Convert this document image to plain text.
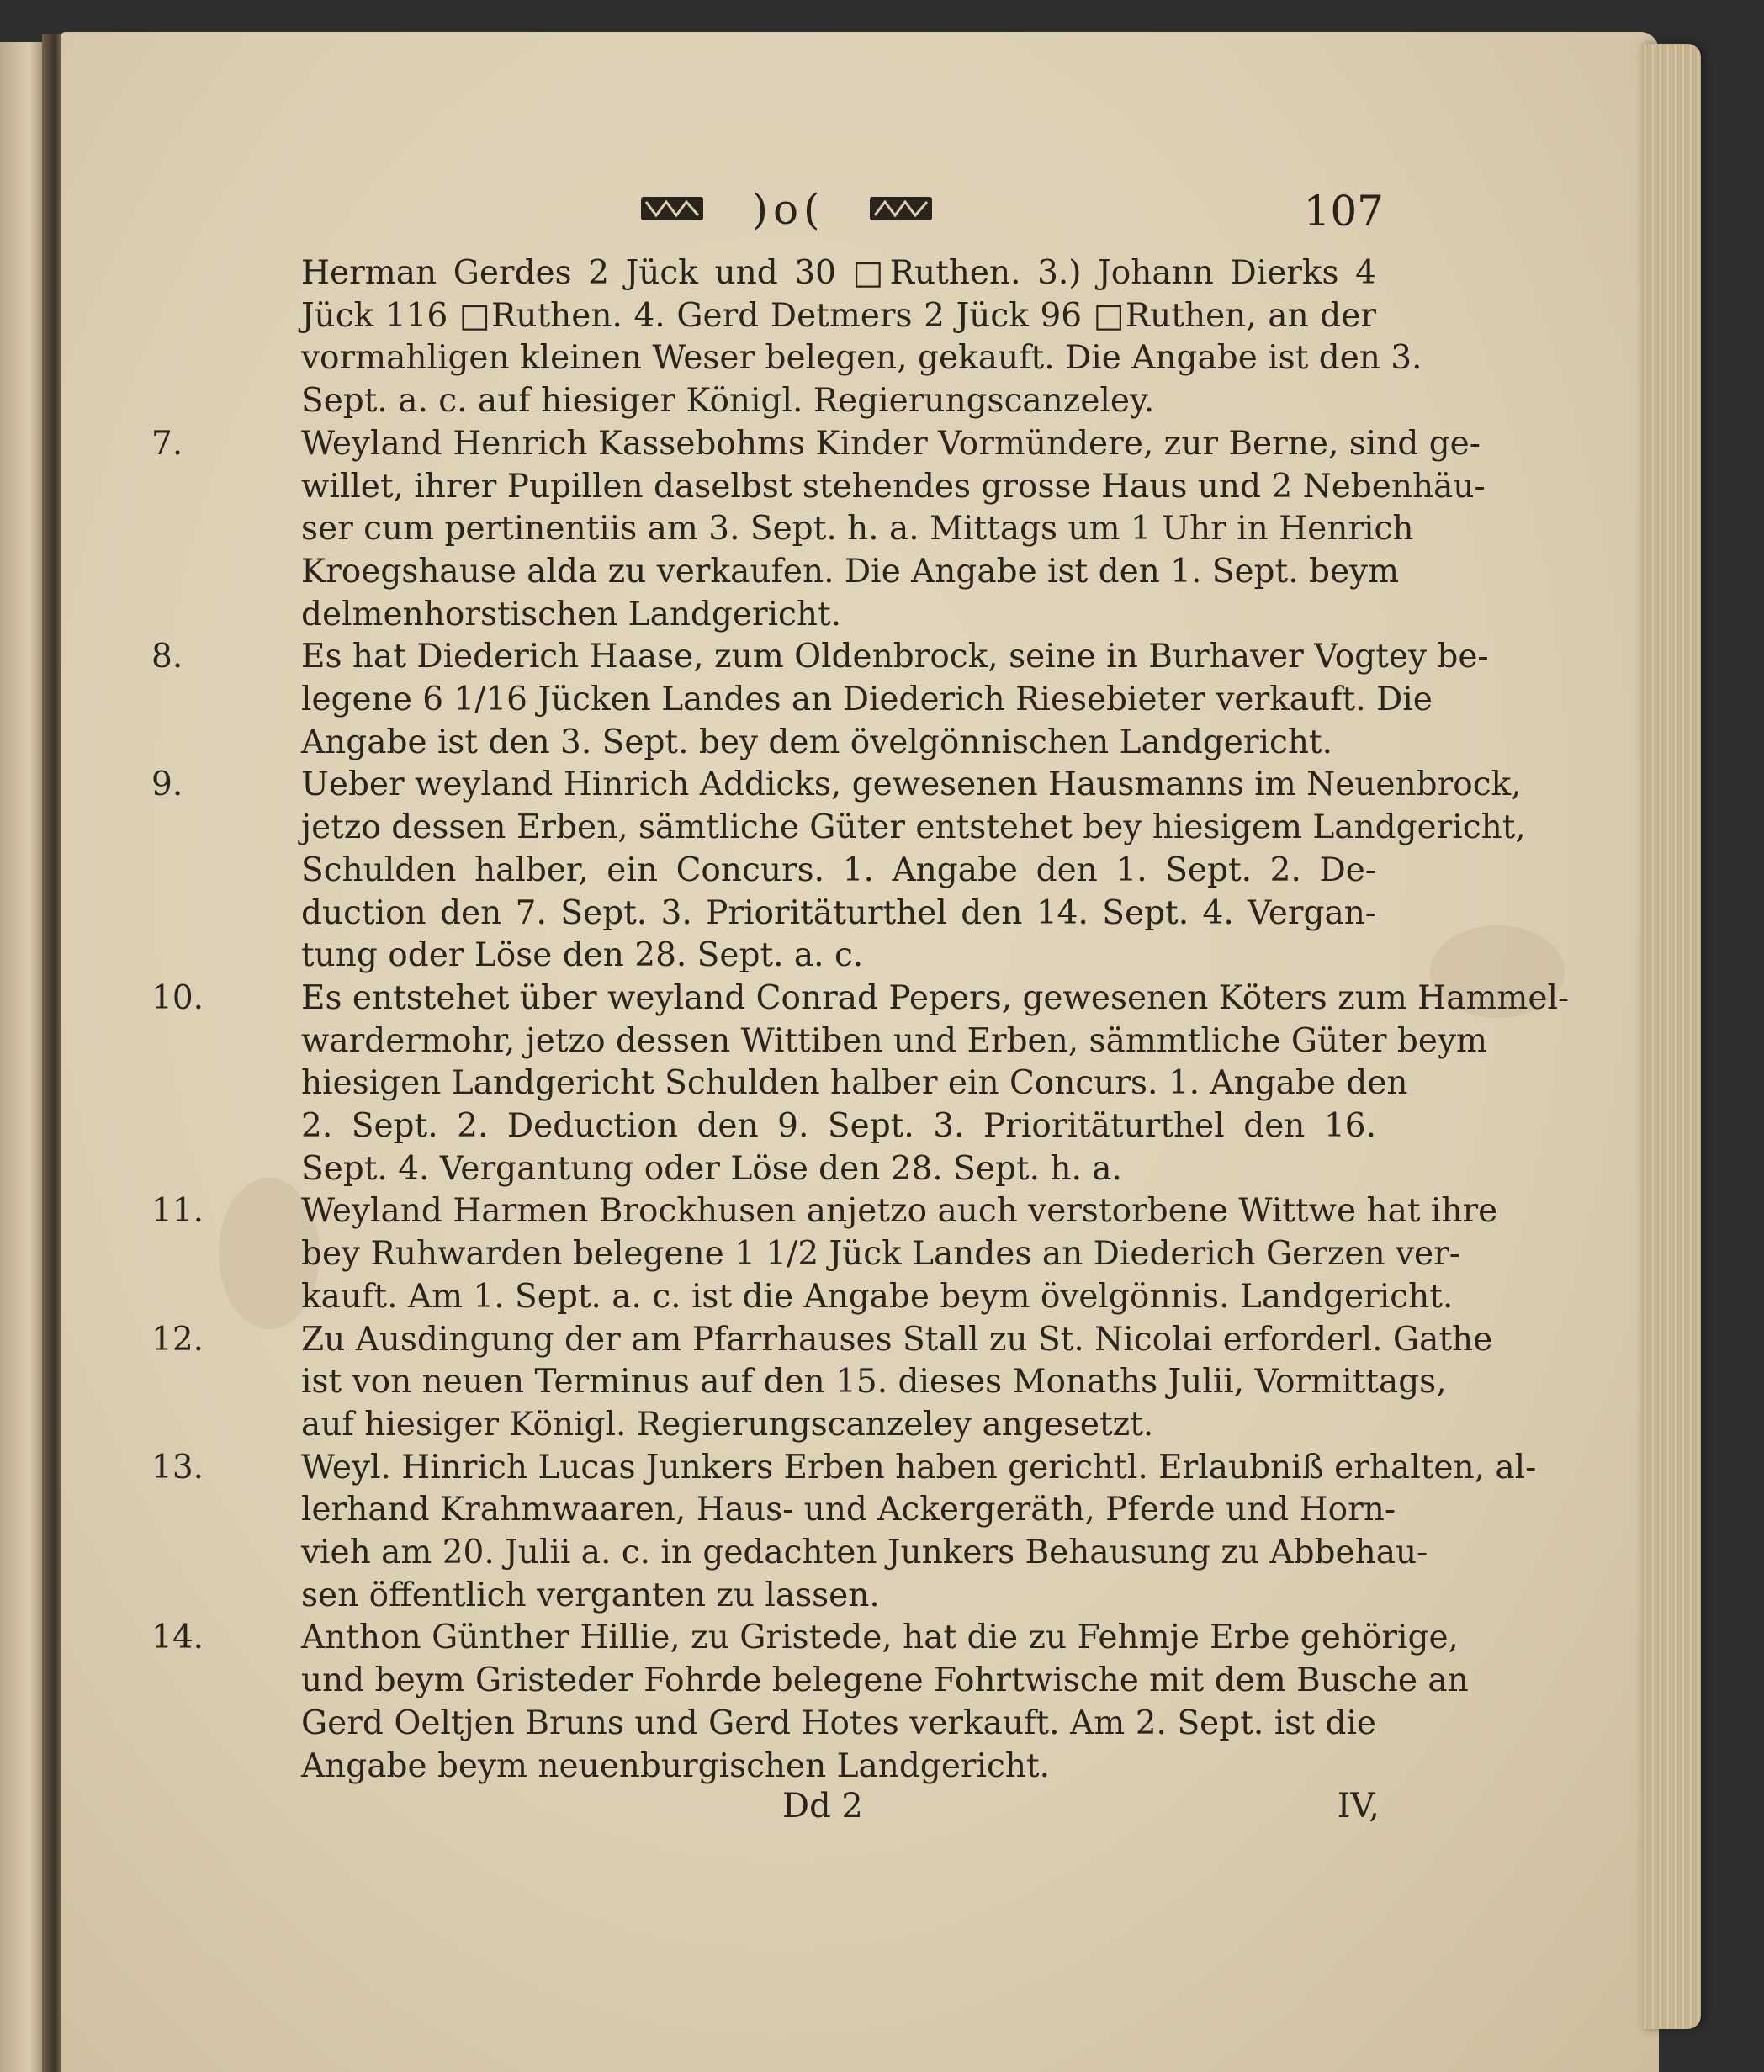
)o(	107
Herman Gerdes 2 Jück und 30 □Ruthen. 3.) Johann Dierks 4
Jück 116 □Ruthen. 4. Gerd Detmers 2 Jück 96 □Ruthen, an der
vormahligen kleinen Weser belegen, gekauft. Die Angabe ist den 3.
Sept. a. c. auf hiesiger Königl. Regierungscanzeley.
7.	Weyland Henrich Kassebohms Kinder Vormündere, zur Berne, sind ge-
willet, ihrer Pupillen daselbst stehendes grosse Haus und 2 Nebenhäu-
ser cum pertinentiis am 3. Sept. h. a. Mittags um 1 Uhr in Henrich
Kroegshause alda zu verkaufen. Die Angabe ist den 1. Sept. beym
delmenhorstischen Landgericht.
8.	Es hat Diederich Haase, zum Oldenbrock, seine in Burhaver Vogtey be-
legene 6 1/16 Jücken Landes an Diederich Riesebieter verkauft. Die
Angabe ist den 3. Sept. bey dem övelgönnischen Landgericht.
9.	Ueber weyland Hinrich Addicks, gewesenen Hausmanns im Neuenbrock,
jetzo dessen Erben, sämtliche Güter entstehet bey hiesigem Landgericht,
Schulden halber, ein Concurs. 1. Angabe den 1. Sept. 2. De-
duction den 7. Sept. 3. Prioritäturthel den 14. Sept. 4. Vergan-
tung oder Löse den 28. Sept. a. c.
10.	Es entstehet über weyland Conrad Pepers, gewesenen Köters zum Hammel-
wardermohr, jetzo dessen Wittiben und Erben, sämmtliche Güter beym
hiesigen Landgericht Schulden halber ein Concurs. 1. Angabe den
2. Sept. 2. Deduction den 9. Sept. 3. Prioritäturthel den 16.
Sept. 4. Vergantung oder Löse den 28. Sept. h. a.
11.	Weyland Harmen Brockhusen anjetzo auch verstorbene Wittwe hat ihre
bey Ruhwarden belegene 1 1/2 Jück Landes an Diederich Gerzen ver-
kauft. Am 1. Sept. a. c. ist die Angabe beym övelgönnis. Landgericht.
12.	Zu Ausdingung der am Pfarrhauses Stall zu St. Nicolai erforderl. Gathe
ist von neuen Terminus auf den 15. dieses Monaths Julii, Vormittags,
auf hiesiger Königl. Regierungscanzeley angesetzt.
13.	Weyl. Hinrich Lucas Junkers Erben haben gerichtl. Erlaubniß erhalten, al-
lerhand Krahmwaaren, Haus- und Ackergeräth, Pferde und Horn-
vieh am 20. Julii a. c. in gedachten Junkers Behausung zu Abbehau-
sen öffentlich verganten zu lassen.
14.	Anthon Günther Hillie, zu Gristede, hat die zu Fehmje Erbe gehörige,
und beym Gristeder Fohrde belegene Fohrtwische mit dem Busche an
Gerd Oeltjen Bruns und Gerd Hotes verkauft. Am 2. Sept. ist die
Angabe beym neuenburgischen Landgericht.
Dd 2	IV,
